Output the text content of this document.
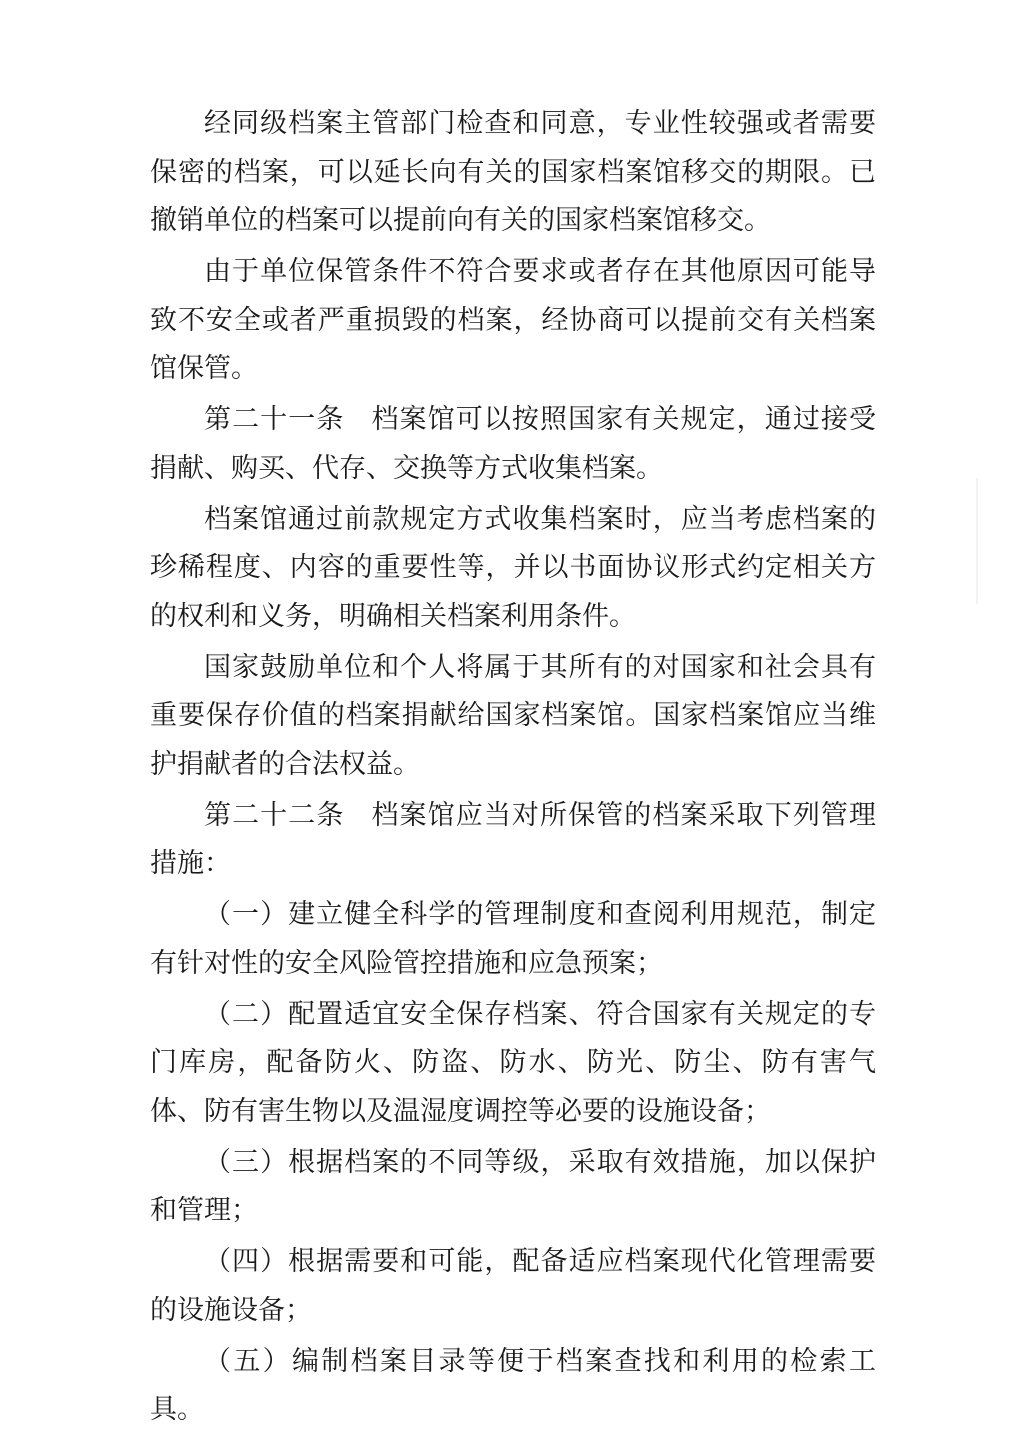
经同级档案主管部门检查和同意，专业性较强或者需要保密的档案，可以延长向有关的国家档案馆移交的期限。已撤销单位的档案可以提前向有关的国家档案馆移交。

由于单位保管条件不符合要求或者存在其他原因可能导致不安全或者严重损毁的档案，经协商可以提前交有关档案馆保管。

第二十一条 档案馆可以按照国家有关规定，通过接受捐献、购买、代存、交换等方式收集档案。

档案馆通过前款规定方式收集档案时，应当考虑档案的珍稀程度、内容的重要性等，并以书面协议形式约定相关方的权利和义务，明确相关档案利用条件。

国家鼓励单位和个人将属于其所有的对国家和社会具有重要保存价值的档案捐献给国家档案馆。国家档案馆应当维护捐献者的合法权益。

第二十二条 档案馆应当对所保管的档案采取下列管理措施：

（一）建立健全科学的管理制度和查阅利用规范，制定有针对性的安全风险管控措施和应急预案；

（二）配置适宜安全保存档案、符合国家有关规定的专门库房，配备防火、防盗、防水、防光、防尘、防有害气体、防有害生物以及温湿度调控等必要的设施设备；

（三）根据档案的不同等级，采取有效措施，加以保护和管理；

（四）根据需要和可能，配备适应档案现代化管理需要的设施设备；

（五）编制档案目录等便于档案查找和利用的检索工具。
